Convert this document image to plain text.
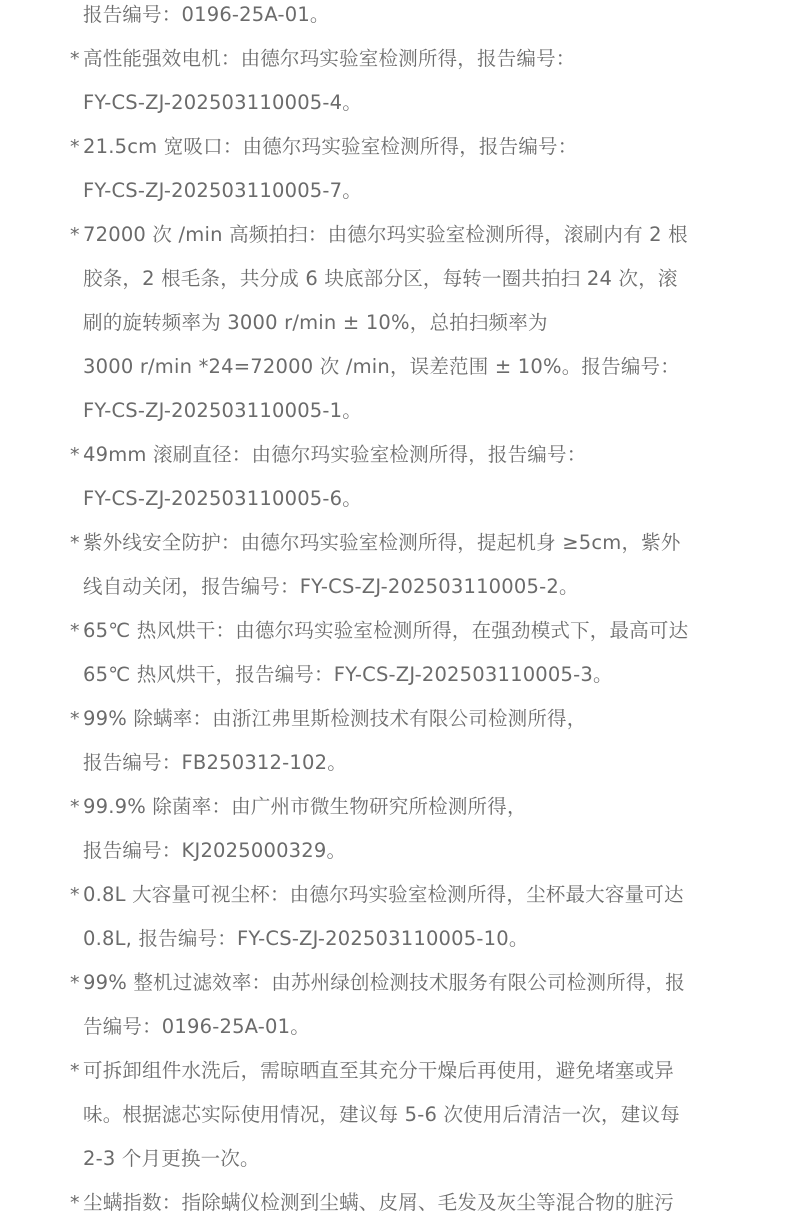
报告编号：0196-25A-01。
* 高性能强效电机：由德尔玛实验室检测所得，报告编号：
FY-CS-ZJ-202503110005-4。
* 21.5cm 宽吸口：由德尔玛实验室检测所得，报告编号：
FY-CS-ZJ-202503110005-7。
* 72000 次 /min 高频拍扫：由德尔玛实验室检测所得，滚刷内有 2 根
胶条，2 根毛条，共分成 6 块底部分区，每转一圈共拍扫 24 次，滚
刷的旋转频率为 3000 r/min ± 10%，总拍扫频率为
3000 r/min *24=72000 次 /min，误差范围 ± 10%。报告编号：
FY-CS-ZJ-202503110005-1。
* 49mm 滚刷直径：由德尔玛实验室检测所得，报告编号：
FY-CS-ZJ-202503110005-6。
* 紫外线安全防护：由德尔玛实验室检测所得，提起机身 ≥5cm，紫外
线自动关闭，报告编号：FY-CS-ZJ-202503110005-2。
* 65℃ 热风烘干：由德尔玛实验室检测所得，在强劲模式下，最高可达
65℃ 热风烘干，报告编号：FY-CS-ZJ-202503110005-3。
* 99% 除螨率：由浙江弗里斯检测技术有限公司检测所得，
报告编号：FB250312-102。
* 99.9% 除菌率：由广州市微生物研究所检测所得，
报告编号：KJ2025000329。
* 0.8L 大容量可视尘杯：由德尔玛实验室检测所得，尘杯最大容量可达
0.8L, 报告编号：FY-CS-ZJ-202503110005-10。
* 99% 整机过滤效率：由苏州绿创检测技术服务有限公司检测所得，报
告编号：0196-25A-01。
* 可拆卸组件水洗后，需晾晒直至其充分干燥后再使用，避免堵塞或异
味。根据滤芯实际使用情况，建议每 5-6 次使用后清洁一次，建议每
2-3 个月更换一次。
* 尘螨指数：指除螨仪检测到尘螨、皮屑、毛发及灰尘等混合物的脏污
